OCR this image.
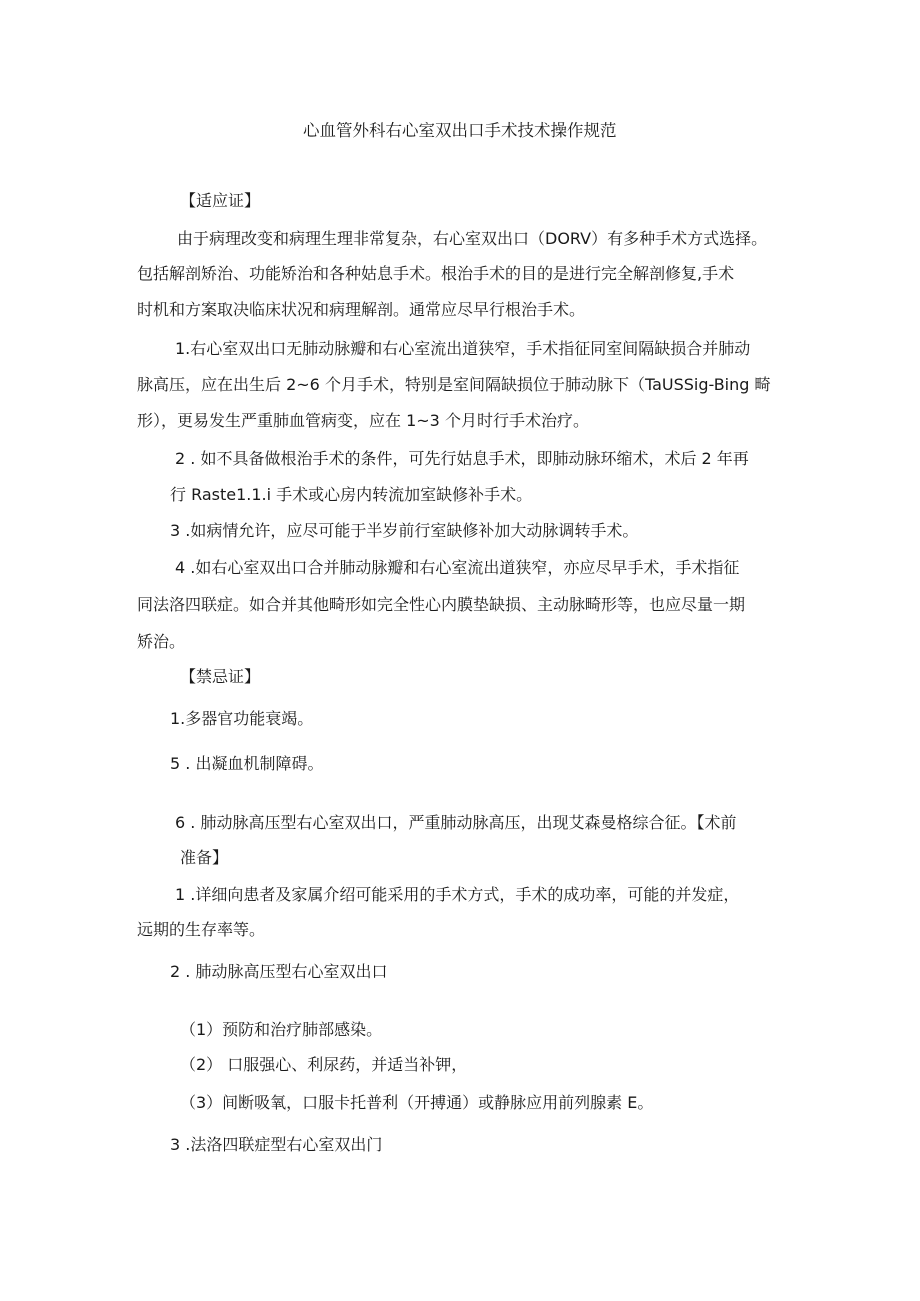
心血管外科右心室双出口手术技术操作规范
【适应证】
由于病理改变和病理生理非常复杂，右心室双出口（DORV）有多种手术方式选择。
包括解剖矫治、功能矫治和各种姑息手术。根治手术的目的是进行完全解剖修复,手术
时机和方案取决临床状况和病理解剖。通常应尽早行根治手术。
1.右心室双出口无肺动脉瓣和右心室流出道狭窄，手术指征同室间隔缺损合并肺动
脉高压，应在出生后 2~6 个月手术，特别是室间隔缺损位于肺动脉下（TaUSSig-Bing 畸
形），更易发生严重肺血管病变，应在 1~3 个月时行手术治疗。
2 . 如不具备做根治手术的条件，可先行姑息手术，即肺动脉环缩术，术后 2 年再
行 Raste1.1.i 手术或心房内转流加室缺修补手术。
3 .如病情允许，应尽可能于半岁前行室缺修补加大动脉调转手术。
4 .如右心室双出口合并肺动脉瓣和右心室流出道狭窄，亦应尽早手术，手术指征
同法洛四联症。如合并其他畸形如完全性心内膜垫缺损、主动脉畸形等，也应尽量一期
矫治。
【禁忌证】
1.多器官功能衰竭。
5 . 出凝血机制障碍。
6 . 肺动脉高压型右心室双出口，严重肺动脉高压，出现艾森曼格综合征。【术前
准备】
1 .详细向患者及家属介绍可能采用的手术方式，手术的成功率，可能的并发症，
远期的生存率等。
2 . 肺动脉高压型右心室双出口
（1）预防和治疗肺部感染。
（2） 口服强心、利尿药，并适当补钾，
（3）间断吸氧，口服卡托普利（开搏通）或静脉应用前列腺素 E。
3 .法洛四联症型右心室双出门
